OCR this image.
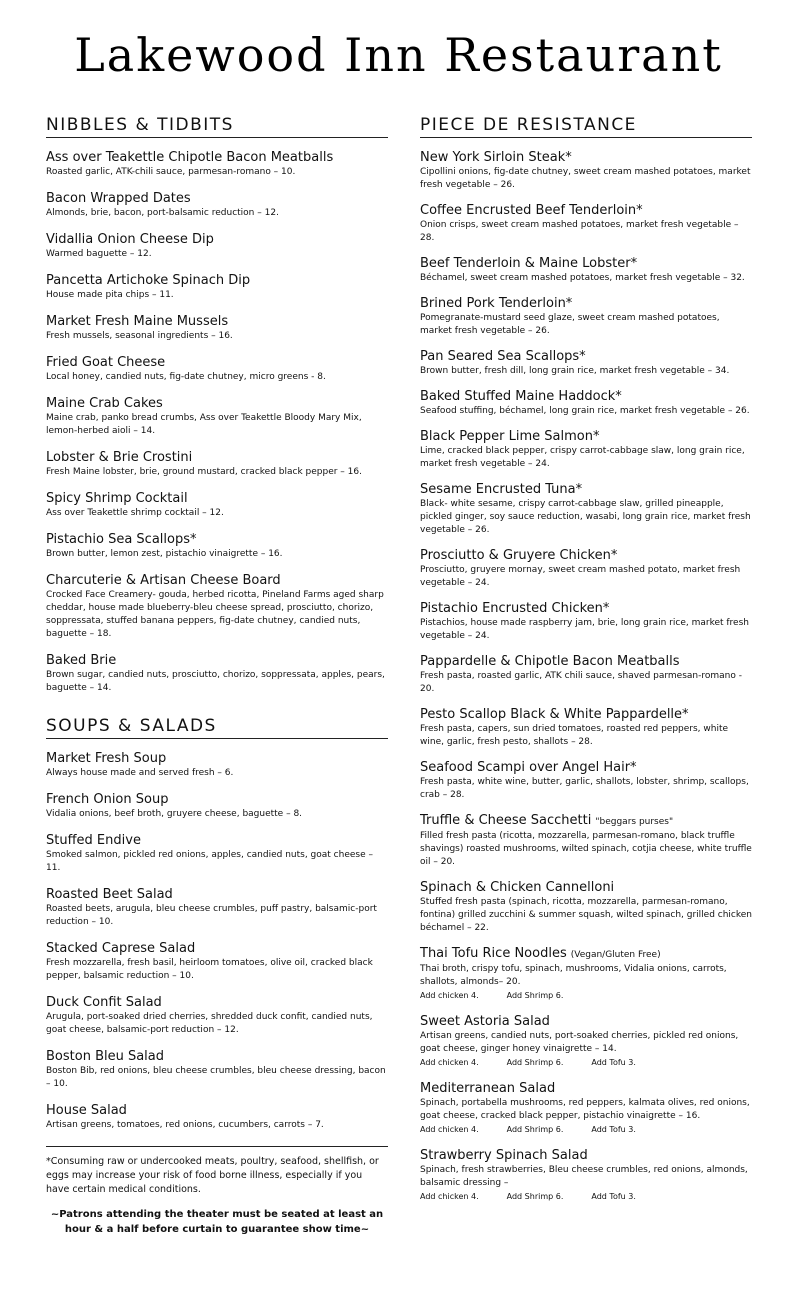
Lakewood Inn Restaurant
NIBBLES & TIDBITS
Ass over Teakettle Chipotle Bacon Meatballs
Roasted garlic, ATK-chili sauce, parmesan-romano – 10.
Bacon Wrapped Dates
Almonds, brie, bacon, port-balsamic reduction – 12.
Vidallia Onion Cheese Dip
Warmed baguette – 12.
Pancetta Artichoke Spinach Dip
House made pita chips – 11.
Market Fresh Maine Mussels
Fresh mussels, seasonal ingredients – 16.
Fried Goat Cheese
Local honey, candied nuts, fig-date chutney, micro greens - 8.
Maine Crab Cakes
Maine crab, panko bread crumbs, Ass over Teakettle Bloody Mary Mix, lemon-herbed aioli – 14.
Lobster & Brie Crostini
Fresh Maine lobster, brie, ground mustard, cracked black pepper – 16.
Spicy Shrimp Cocktail
Ass over Teakettle shrimp cocktail – 12.
Pistachio Sea Scallops*
Brown butter, lemon zest, pistachio vinaigrette – 16.
Charcuterie & Artisan Cheese Board
Crocked Face Creamery- gouda, herbed ricotta, Pineland Farms aged sharp cheddar, house made blueberry-bleu cheese spread, prosciutto, chorizo, soppressata, stuffed banana peppers, fig-date chutney, candied nuts, baguette – 18.
Baked Brie
Brown sugar, candied nuts, prosciutto, chorizo, soppressata, apples, pears, baguette – 14.
SOUPS & SALADS
Market Fresh Soup
Always house made and served fresh – 6.
French Onion Soup
Vidalia onions, beef broth, gruyere cheese, baguette – 8.
Stuffed Endive
Smoked salmon, pickled red onions, apples, candied nuts, goat cheese – 11.
Roasted Beet Salad
Roasted beets, arugula, bleu cheese crumbles, puff pastry, balsamic-port reduction – 10.
Stacked Caprese Salad
Fresh mozzarella, fresh basil, heirloom tomatoes, olive oil, cracked black pepper, balsamic reduction – 10.
Duck Confit Salad
Arugula, port-soaked dried cherries, shredded duck confit, candied nuts, goat cheese, balsamic-port reduction – 12.
Boston Bleu Salad
Boston Bib, red onions, bleu cheese crumbles, bleu cheese dressing, bacon – 10.
House Salad
Artisan greens, tomatoes, red onions, cucumbers, carrots – 7.
*Consuming raw or undercooked meats, poultry, seafood, shellfish, or eggs may increase your risk of food borne illness, especially if you have certain medical conditions.
~Patrons attending the theater must be seated at least an hour & a half before curtain to guarantee show time~
PIECE DE RESISTANCE
New York Sirloin Steak*
Cipollini onions, fig-date chutney, sweet cream mashed potatoes, market fresh vegetable – 26.
Coffee Encrusted Beef Tenderloin*
Onion crisps, sweet cream mashed potatoes, market fresh vegetable – 28.
Beef Tenderloin & Maine Lobster*
Béchamel, sweet cream mashed potatoes, market fresh vegetable – 32.
Brined Pork Tenderloin*
Pomegranate-mustard seed glaze, sweet cream mashed potatoes, market fresh vegetable – 26.
Pan Seared Sea Scallops*
Brown butter, fresh dill, long grain rice, market fresh vegetable – 34.
Baked Stuffed Maine Haddock*
Seafood stuffing, béchamel, long grain rice, market fresh vegetable – 26.
Black Pepper Lime Salmon*
Lime, cracked black pepper, crispy carrot-cabbage slaw, long grain rice, market fresh vegetable – 24.
Sesame Encrusted Tuna*
Black- white sesame, crispy carrot-cabbage slaw, grilled pineapple, pickled ginger, soy sauce reduction, wasabi, long grain rice, market fresh vegetable – 26.
Prosciutto & Gruyere Chicken*
Prosciutto, gruyere mornay, sweet cream mashed potato, market fresh vegetable – 24.
Pistachio Encrusted Chicken*
Pistachios, house made raspberry jam, brie, long grain rice, market fresh vegetable – 24.
Pappardelle & Chipotle Bacon Meatballs
Fresh pasta, roasted garlic, ATK chili sauce, shaved parmesan-romano - 20.
Pesto Scallop Black & White Pappardelle*
Fresh pasta, capers, sun dried tomatoes, roasted red peppers, white wine, garlic, fresh pesto, shallots – 28.
Seafood Scampi over Angel Hair*
Fresh pasta, white wine, butter, garlic, shallots, lobster, shrimp, scallops, crab – 28.
Truffle & Cheese Sacchetti "beggars purses"
Filled fresh pasta (ricotta, mozzarella, parmesan-romano, black truffle shavings) roasted mushrooms, wilted spinach, cotjia cheese, white truffle oil – 20.
Spinach & Chicken Cannelloni
Stuffed fresh pasta (spinach, ricotta, mozzarella, parmesan-romano, fontina) grilled zucchini & summer squash, wilted spinach, grilled chicken béchamel – 22.
Thai Tofu Rice Noodles (Vegan/Gluten Free)
Thai broth, crispy tofu, spinach, mushrooms, Vidalia onions, carrots, shallots, almonds– 20.
Add chicken 4.	Add Shrimp 6.
Sweet Astoria Salad
Artisan greens, candied nuts, port-soaked cherries, pickled red onions, goat cheese, ginger honey vinaigrette – 14.
Add chicken 4.	Add Shrimp 6.	Add Tofu 3.
Mediterranean Salad
Spinach, portabella mushrooms, red peppers, kalmata olives, red onions, goat cheese, cracked black pepper, pistachio vinaigrette – 16.
Add chicken 4.	Add Shrimp 6.	Add Tofu 3.
Strawberry Spinach Salad
Spinach, fresh strawberries, Bleu cheese crumbles, red onions, almonds, balsamic dressing –
Add chicken 4.	Add Shrimp 6.	Add Tofu 3.
